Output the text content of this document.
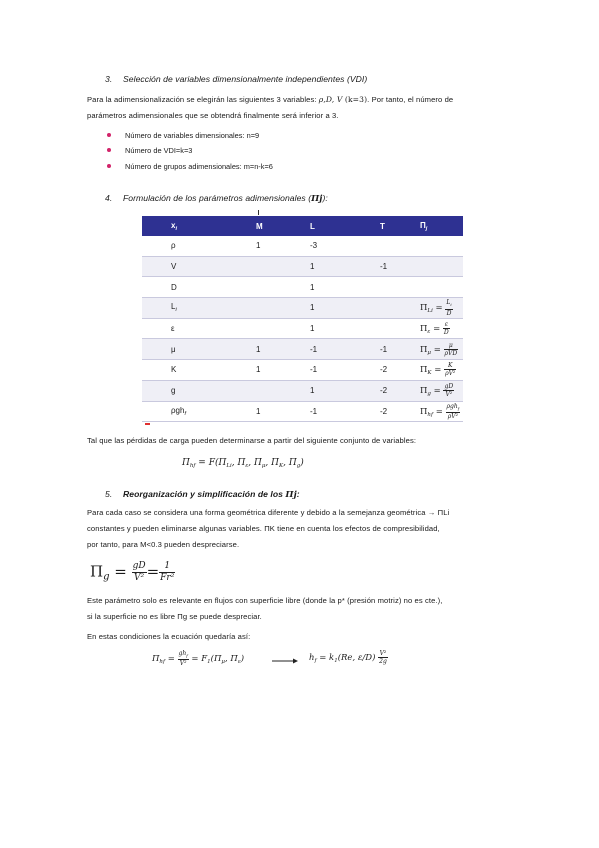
3. Selección de variables dimensionalmente independientes (VDI)
Para la adimensionalización se elegirán las siguientes 3 variables: ρ,D, V (k=3). Por tanto, el número de
parámetros adimensionales que se obtendrá finalmente será inferior a 3.
Número de variables dimensionales: n=9
Número de VDI=k=3
Número de grupos adimensionales: m=n-k=6
4. Formulación de los parámetros adimensionales (Πj):
$x_i$	M	L	T	$\Pi_j$
ρ	1	-3		
V		1	-1	
D		1		
$L_i$		1		$\Pi_{Li} = \frac{L_i}{D}$

ε		1		$\Pi_\varepsilon = \frac{\varepsilon}{D}$

μ	1	-1	-1	$\Pi_\mu = \frac{\mu}{\text{ρVD}}$

K	1	-1	-2	$\Pi_K = \frac{K}{\text{ρV²}}$

g		1	-2	$\Pi_g = \frac{gD}{\text{V²}}$

ρgh$_f$	1	-1	-2	$\Pi_{hf} = \frac{\rho gh_f}{\text{ρV²}}$
Tal que las pérdidas de carga pueden determinarse a partir del siguiente conjunto de variables:
$\Pi_{hf} = F(\Pi_{Li}$, $\Pi_\varepsilon$, $\Pi_\mu$, $\Pi_K$, $\Pi_g$)
5. Reorganización y simplificación de los Πj:
Para cada caso se considera una forma geométrica diferente y debido a la semejanza geométrica → ΠLi
constantes y pueden eliminarse algunas variables. ΠK tiene en cuenta los efectos de compresibilidad,
por tanto, para M<0.3 pueden despreciarse.
$\Pi_g = \frac{gD}{\text{V²}} = \frac{1}{\text{Fr²}}$
Este parámetro solo es relevante en flujos con superficie libre (donde la p* (presión motriz) no es cte.),
si la superficie no es libre Πg se puede despreciar.
En estas condiciones la ecuación quedaría así:
$\Pi_{hf} = \frac{gh_f}{\text{V²}} = F_1(\Pi_\mu$, $\Pi_\varepsilon$)	$h_f = k_1(Re$, $\varepsilon/D) \frac{\text{V²}}{2g}$
